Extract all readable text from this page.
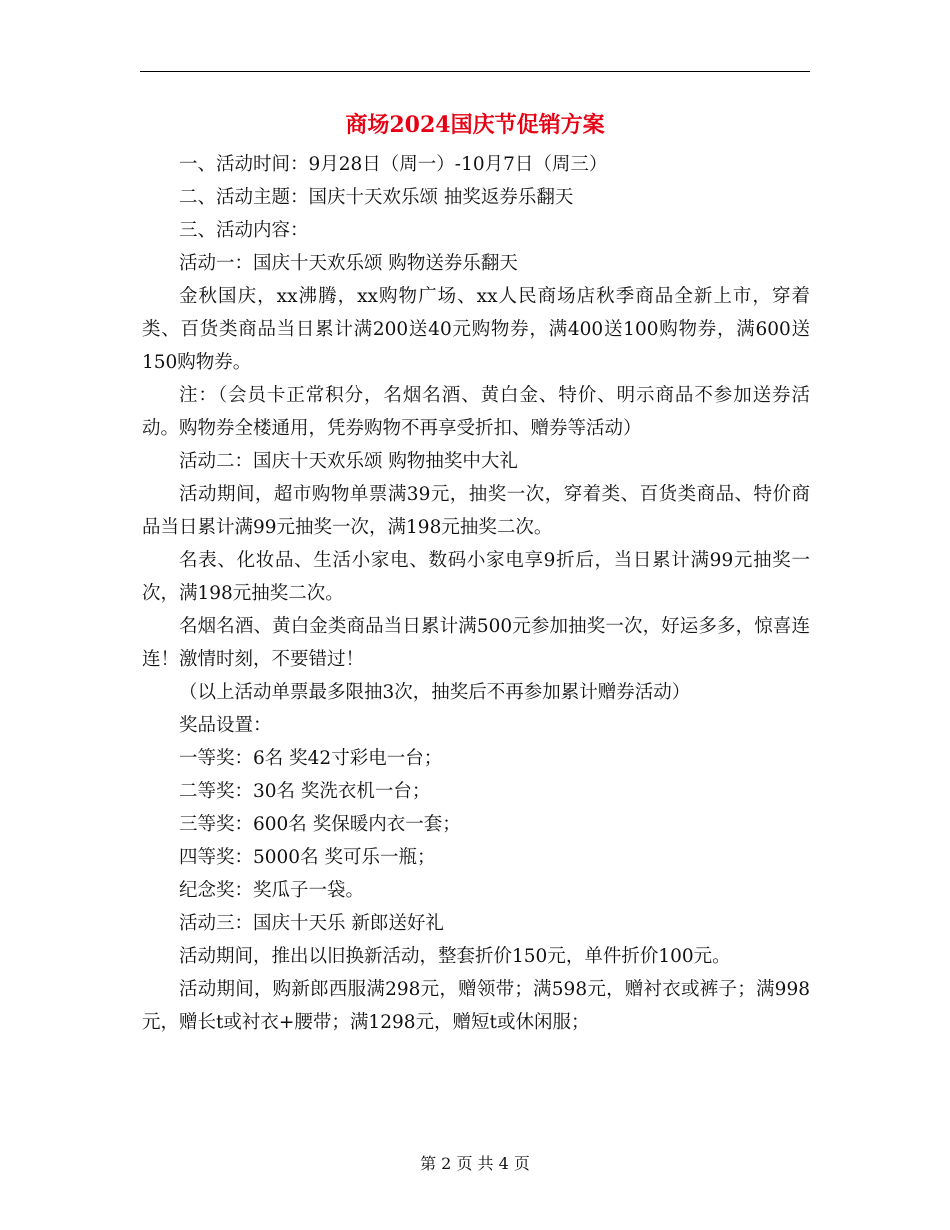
商场2024国庆节促销方案

一、活动时间：9月28日（周一）-10月7日（周三）

二、活动主题：国庆十天欢乐颂 抽奖返券乐翻天

三、活动内容：

活动一：国庆十天欢乐颂 购物送券乐翻天

金秋国庆，xx沸腾，xx购物广场、xx人民商场店秋季商品全新上市，穿着类、百货类商品当日累计满200送40元购物券，满400送100购物券，满600送150购物券。

注：（会员卡正常积分，名烟名酒、黄白金、特价、明示商品不参加送券活动。购物券全楼通用，凭券购物不再享受折扣、赠券等活动）

活动二：国庆十天欢乐颂 购物抽奖中大礼

活动期间，超市购物单票满39元，抽奖一次，穿着类、百货类商品、特价商品当日累计满99元抽奖一次，满198元抽奖二次。

名表、化妆品、生活小家电、数码小家电享9折后，当日累计满99元抽奖一次，满198元抽奖二次。

名烟名酒、黄白金类商品当日累计满500元参加抽奖一次，好运多多，惊喜连连！激情时刻，不要错过！

（以上活动单票最多限抽3次，抽奖后不再参加累计赠券活动）

奖品设置：

一等奖：6名 奖42寸彩电一台；

二等奖：30名 奖洗衣机一台；

三等奖：600名 奖保暖内衣一套；

四等奖：5000名 奖可乐一瓶；

纪念奖：奖瓜子一袋。

活动三：国庆十天乐 新郎送好礼

活动期间，推出以旧换新活动，整套折价150元，单件折价100元。

活动期间，购新郎西服满298元，赠领带；满598元，赠衬衣或裤子；满998元，赠长t或衬衣+腰带；满1298元，赠短t或休闲服；

第 2 页 共 4 页
